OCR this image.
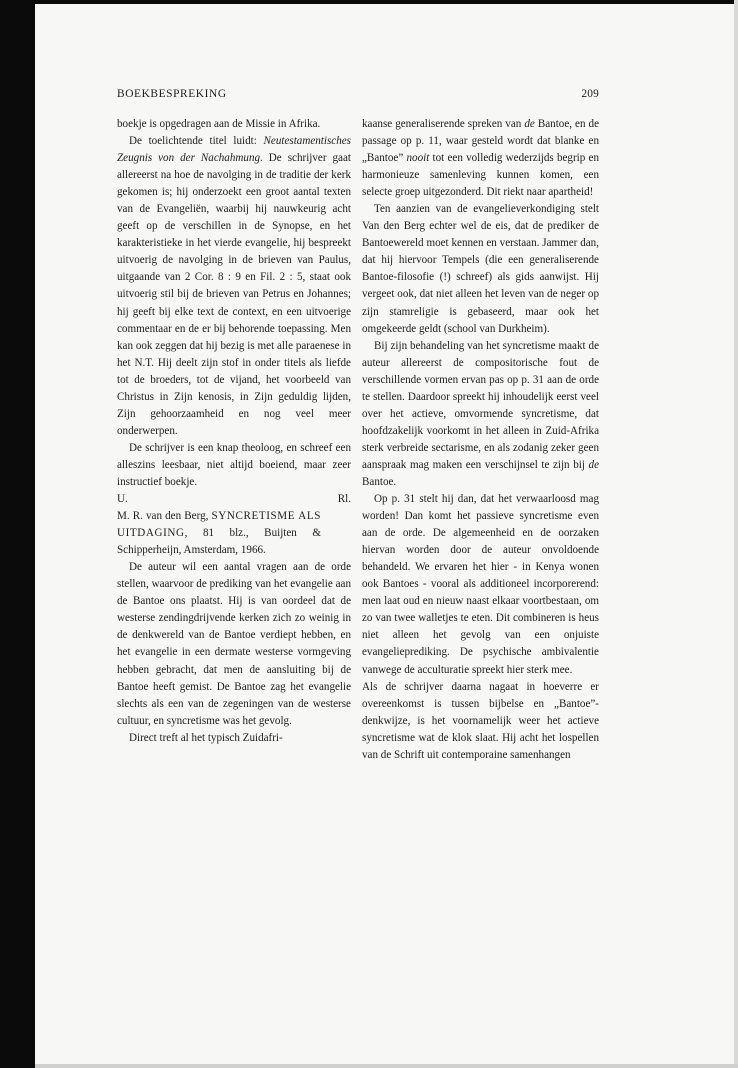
BOEKBESPREKING	209

boekje is opgedragen aan de Missie in Afrika.

De toelichtende titel luidt: Neutestamentisches Zeugnis von der Nachahmung. De schrijver gaat allereerst na hoe de navolging in de traditie der kerk gekomen is; hij onderzoekt een groot aantal texten van de Evangeliën, waarbij hij nauwkeurig acht geeft op de verschillen in de Synopse, en het karakteristieke in het vierde evangelie, hij bespreekt uitvoerig de navolging in de brieven van Paulus, uitgaande van 2 Cor. 8 : 9 en Fil. 2 : 5, staat ook uitvoerig stil bij de brieven van Petrus en Johannes; hij geeft bij elke text de context, en een uitvoerige commentaar en de er bij behorende toepassing. Men kan ook zeggen dat hij bezig is met alle paraenese in het N.T. Hij deelt zijn stof in onder titels als liefde tot de broeders, tot de vijand, het voorbeeld van Christus in Zijn kenosis, in Zijn geduldig lijden, Zijn gehoorzaamheid en nog veel meer onderwerpen.

De schrijver is een knap theoloog, en schreef een alleszins leesbaar, niet altijd boeiend, maar zeer instructief boekje.

U.	Rl.

M. R. van den Berg, SYNCRETISME ALS UITDAGING, 81 blz., Buijten & Schipperheijn, Amsterdam, 1966.

De auteur wil een aantal vragen aan de orde stellen, waarvoor de prediking van het evangelie aan de Bantoe ons plaatst. Hij is van oordeel dat de westerse zendingdrijvende kerken zich zo weinig in de denkwereld van de Bantoe verdiept hebben, en het evangelie in een dermate westerse vormgeving hebben gebracht, dat men de aansluiting bij de Bantoe heeft gemist. De Bantoe zag het evangelie slechts als een van de zegeningen van de westerse cultuur, en syncretisme was het gevolg.

Direct treft al het typisch Zuidafri-

kaanse generaliserende spreken van de Bantoe, en de passage op p. 11, waar gesteld wordt dat blanke en „Bantoe” nooit tot een volledig wederzijds begrip en harmonieuze samenleving kunnen komen, een selecte groep uitgezonderd. Dit riekt naar apartheid!

Ten aanzien van de evangelieverkondiging stelt Van den Berg echter wel de eis, dat de prediker de Bantoewereld moet kennen en verstaan. Jammer dan, dat hij hiervoor Tempels (die een generaliserende Bantoe-filosofie (!) schreef) als gids aanwijst. Hij vergeet ook, dat niet alleen het leven van de neger op zijn stamreligie is gebaseerd, maar ook het omgekeerde geldt (school van Durkheim).

Bij zijn behandeling van het syncretisme maakt de auteur allereerst de compositorische fout de verschillende vormen ervan pas op p. 31 aan de orde te stellen. Daardoor spreekt hij inhoudelijk eerst veel over het actieve, omvormende syncretisme, dat hoofdzakelijk voorkomt in het alleen in Zuid-Afrika sterk verbreide sectarisme, en als zodanig zeker geen aanspraak mag maken een verschijnsel te zijn bij de Bantoe.

Op p. 31 stelt hij dan, dat het verwaarloosd mag worden! Dan komt het passieve syncretisme even aan de orde. De algemeenheid en de oorzaken hiervan worden door de auteur onvoldoende behandeld. We ervaren het hier - in Kenya wonen ook Bantoes - vooral als additioneel incorporerend: men laat oud en nieuw naast elkaar voortbestaan, om zo van twee walletjes te eten. Dit combineren is heus niet alleen het gevolg van een onjuiste evangelieprediking. De psychische ambivalentie vanwege de acculturatie spreekt hier sterk mee.

Als de schrijver daarna nagaat in hoeverre er overeenkomst is tussen bijbelse en „Bantoe”-denkwijze, is het voornamelijk weer het actieve syncretisme wat de klok slaat. Hij acht het lospellen van de Schrift uit contemporaine samenhangen
